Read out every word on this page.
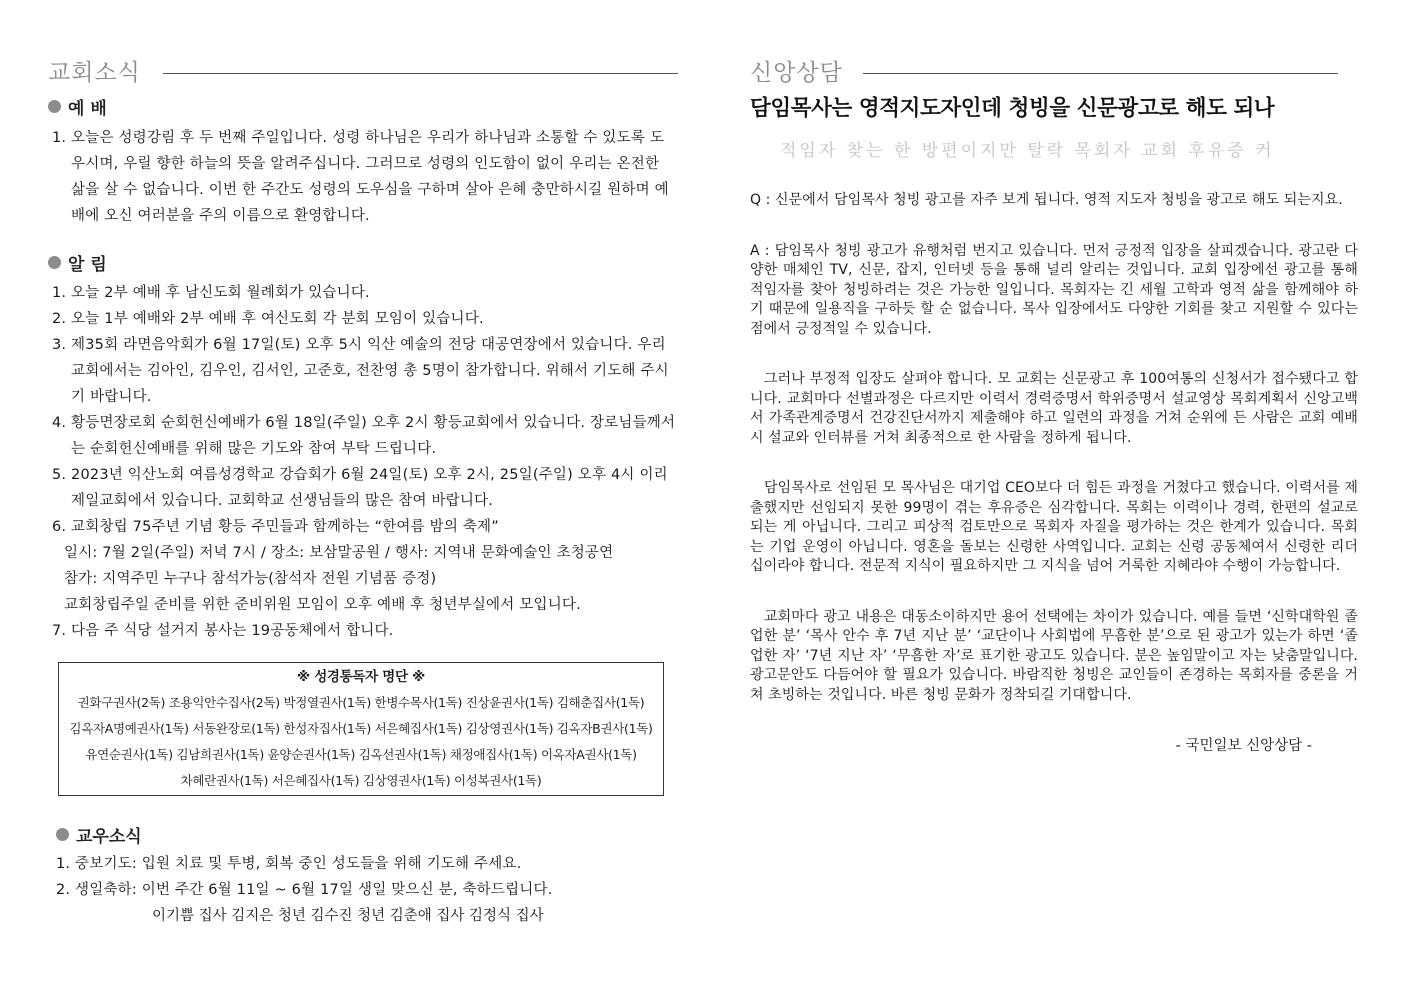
교회소식
예 배
1. 오늘은 성령강림 후 두 번째 주일입니다. 성령 하나님은 우리가 하나님과 소통할 수 있도록 도우시며, 우릴 향한 하늘의 뜻을 알려주십니다. 그러므로 성령의 인도함이 없이 우리는 온전한 삶을 살 수 없습니다. 이번 한 주간도 성령의 도우심을 구하며 살아 은혜 충만하시길 원하며 예배에 오신 여러분을 주의 이름으로 환영합니다.
알 림
1. 오늘 2부 예배 후 남신도회 월례회가 있습니다.
2. 오늘 1부 예배와 2부 예배 후 여신도회 각 분회 모임이 있습니다.
3. 제35회 라면음악회가 6월 17일(토) 오후 5시 익산 예술의 전당 대공연장에서 있습니다. 우리 교회에서는 김아인, 김우인, 김서인, 고준호, 전찬영 총 5명이 참가합니다. 위해서 기도해 주시기 바랍니다.
4. 황등면장로회 순회헌신예배가 6월 18일(주일) 오후 2시 황등교회에서 있습니다. 장로님들께서는 순회헌신예배를 위해 많은 기도와 참여 부탁 드립니다.
5. 2023년 익산노회 여름성경학교 강습회가 6월 24일(토) 오후 2시, 25일(주일) 오후 4시 이리제일교회에서 있습니다. 교회학교 선생님들의 많은 참여 바랍니다.
6. 교회창립 75주년 기념 황등 주민들과 함께하는 “한여름 밤의 축제”
일시: 7월 2일(주일) 저녁 7시 / 장소: 보삼말공원 / 행사: 지역내 문화예술인 초청공연
참가: 지역주민 누구나 참석가능(참석자 전원 기념품 증정)
교회창립주일 준비를 위한 준비위원 모임이 오후 예배 후 청년부실에서 모입니다.
7. 다음 주 식당 설거지 봉사는 19공동체에서 합니다.
※ 성경통독자 명단 ※
권화구권사(2독) 조용익안수집사(2독) 박정열권사(1독) 한병수목사(1독) 진상윤권사(1독) 김해춘집사(1독)
김옥자A명예권사(1독) 서동완장로(1독) 한성자집사(1독) 서은혜집사(1독) 김상영권사(1독) 김옥자B권사(1독)
유연순권사(1독) 김남희권사(1독) 윤양순권사(1독) 김옥선권사(1독) 채정애집사(1독) 이옥자A권사(1독)
차혜란권사(1독) 서은혜집사(1독) 김상영권사(1독) 이성복권사(1독)
교우소식
1. 중보기도: 입원 치료 및 투병, 회복 중인 성도들을 위해 기도해 주세요.
2. 생일축하: 이번 주간 6월 11일 ~ 6월 17일 생일 맞으신 분, 축하드립니다.
이기쁨 집사 김지은 청년 김수진 청년 김춘애 집사 김정식 집사
신앙상담
담임목사는 영적지도자인데 청빙을 신문광고로 해도 되나
적임자 찾는 한 방편이지만 탈락 목회자 교회 후유증 커

Q : 신문에서 담임목사 청빙 광고를 자주 보게 됩니다. 영적 지도자 청빙을 광고로 해도 되는지요.

A : 담임목사 청빙 광고가 유행처럼 번지고 있습니다. 먼저 긍정적 입장을 살피겠습니다. 광고란 다양한 매체인 TV, 신문, 잡지, 인터넷 등을 통해 널리 알리는 것입니다. 교회 입장에선 광고를 통해 적임자를 찾아 청빙하려는 것은 가능한 일입니다. 목회자는 긴 세월 고학과 영적 삶을 함께해야 하기 때문에 일용직을 구하듯 할 순 없습니다. 목사 입장에서도 다양한 기회를 찾고 지원할 수 있다는 점에서 긍정적일 수 있습니다.

그러나 부정적 입장도 살펴야 합니다. 모 교회는 신문광고 후 100여통의 신청서가 접수됐다고 합니다. 교회마다 선별과정은 다르지만 이력서 경력증명서 학위증명서 설교영상 목회계획서 신앙고백서 가족관계증명서 건강진단서까지 제출해야 하고 일련의 과정을 거쳐 순위에 든 사람은 교회 예배 시 설교와 인터뷰를 거쳐 최종적으로 한 사람을 정하게 됩니다.

담임목사로 선임된 모 목사님은 대기업 CEO보다 더 힘든 과정을 거쳤다고 했습니다. 이력서를 제출했지만 선임되지 못한 99명이 겪는 후유증은 심각합니다. 목회는 이력이나 경력, 한편의 설교로 되는 게 아닙니다. 그리고 피상적 검토만으로 목회자 자질을 평가하는 것은 한계가 있습니다. 목회는 기업 운영이 아닙니다. 영혼을 돌보는 신령한 사역입니다. 교회는 신령 공동체여서 신령한 리더십이라야 합니다. 전문적 지식이 필요하지만 그 지식을 넘어 거룩한 지혜라야 수행이 가능합니다.

교회마다 광고 내용은 대동소이하지만 용어 선택에는 차이가 있습니다. 예를 들면 ‘신학대학원 졸업한 분’ ‘목사 안수 후 7년 지난 분’ ‘교단이나 사회법에 무흠한 분’으로 된 광고가 있는가 하면 ‘졸업한 자’ ‘7년 지난 자’ ‘무흠한 자’로 표기한 광고도 있습니다. 분은 높임말이고 자는 낮춤말입니다. 광고문안도 다듬어야 할 필요가 있습니다. 바람직한 청빙은 교인들이 존경하는 목회자를 중론을 거쳐 초빙하는 것입니다. 바른 청빙 문화가 정착되길 기대합니다.

- 국민일보 신앙상담 -
